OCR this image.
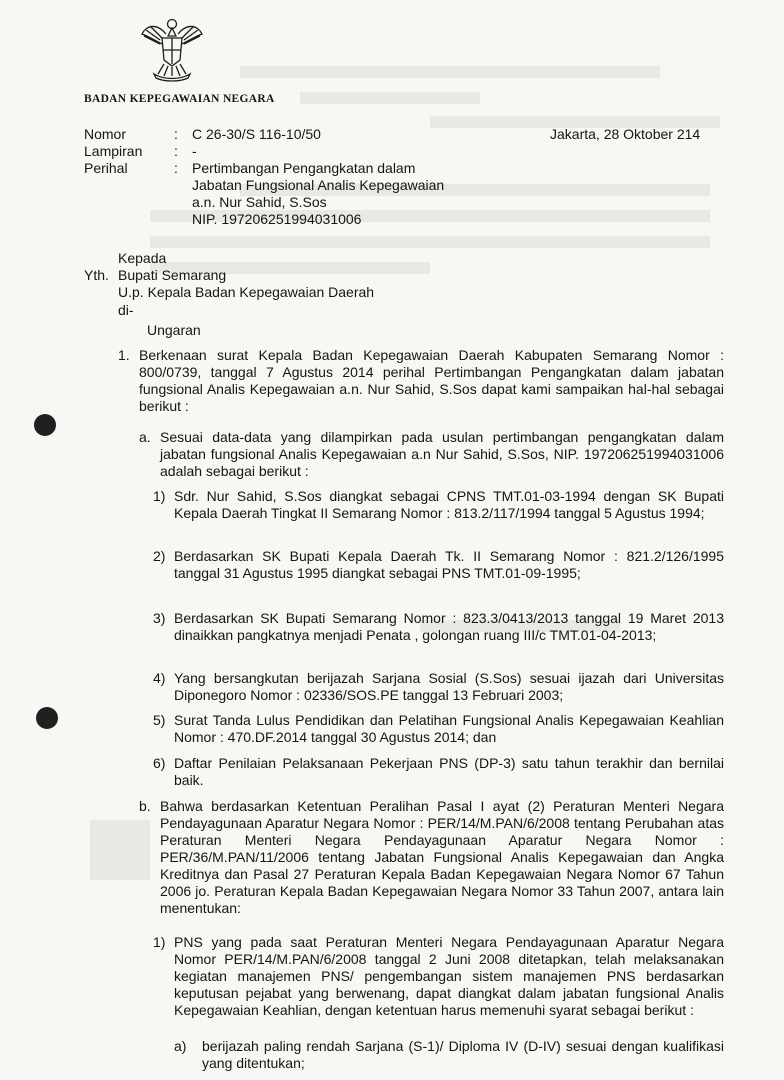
BADAN KEPEGAWAIAN NEGARA
Nomor	: C 26-30/S 116-10/50
Lampiran : -
Perihal	: Pertimbangan Pengangkatan dalam
Jabatan Fungsional Analis Kepegawaian
a.n. Nur Sahid, S.Sos
NIP. 197206251994031006
Jakarta, 28 Oktober 214
Kepada
Yth. Bupati Semarang
U.p. Kepala Badan Kepegawaian Daerah
di-
Ungaran
1. Berkenaan surat Kepala Badan Kepegawaian Daerah Kabupaten Semarang Nomor : 800/0739, tanggal 7 Agustus 2014 perihal Pertimbangan Pengangkatan dalam jabatan fungsional Analis Kepegawaian a.n. Nur Sahid, S.Sos dapat kami sampaikan hal-hal sebagai berikut :
a. Sesuai data-data yang dilampirkan pada usulan pertimbangan pengangkatan dalam jabatan fungsional Analis Kepegawaian a.n Nur Sahid, S.Sos, NIP. 197206251994031006 adalah sebagai berikut :
1) Sdr. Nur Sahid, S.Sos diangkat sebagai CPNS TMT.01-03-1994 dengan SK Bupati Kepala Daerah Tingkat II Semarang Nomor : 813.2/117/1994 tanggal 5 Agustus 1994;
2) Berdasarkan SK Bupati Kepala Daerah Tk. II Semarang Nomor : 821.2/126/1995 tanggal 31 Agustus 1995 diangkat sebagai PNS TMT.01-09-1995;
3) Berdasarkan SK Bupati Semarang Nomor : 823.3/0413/2013 tanggal 19 Maret 2013 dinaikkan pangkatnya menjadi Penata , golongan ruang III/c TMT.01-04-2013;
4) Yang bersangkutan berijazah Sarjana Sosial (S.Sos) sesuai ijazah dari Universitas Diponegoro Nomor : 02336/SOS.PE tanggal 13 Februari 2003;
5) Surat Tanda Lulus Pendidikan dan Pelatihan Fungsional Analis Kepegawaian Keahlian Nomor : 470.DF.2014 tanggal 30 Agustus 2014; dan
6) Daftar Penilaian Pelaksanaan Pekerjaan PNS (DP-3) satu tahun terakhir dan bernilai baik.
b. Bahwa berdasarkan Ketentuan Peralihan Pasal I ayat (2) Peraturan Menteri Negara Pendayagunaan Aparatur Negara Nomor : PER/14/M.PAN/6/2008 tentang Perubahan atas Peraturan Menteri Negara Pendayagunaan Aparatur Negara Nomor : PER/36/M.PAN/11/2006 tentang Jabatan Fungsional Analis Kepegawaian dan Angka Kreditnya dan Pasal 27 Peraturan Kepala Badan Kepegawaian Negara Nomor 67 Tahun 2006 jo. Peraturan Kepala Badan Kepegawaian Negara Nomor 33 Tahun 2007, antara lain menentukan:
1) PNS yang pada saat Peraturan Menteri Negara Pendayagunaan Aparatur Negara Nomor PER/14/M.PAN/6/2008 tanggal 2 Juni 2008 ditetapkan, telah melaksanakan kegiatan manajemen PNS/ pengembangan sistem manajemen PNS berdasarkan keputusan pejabat yang berwenang, dapat diangkat dalam jabatan fungsional Analis Kepegawaian Keahlian, dengan ketentuan harus memenuhi syarat sebagai berikut :
a) berijazah paling rendah Sarjana (S-1)/ Diploma IV (D-IV) sesuai dengan kualifikasi yang ditentukan;
